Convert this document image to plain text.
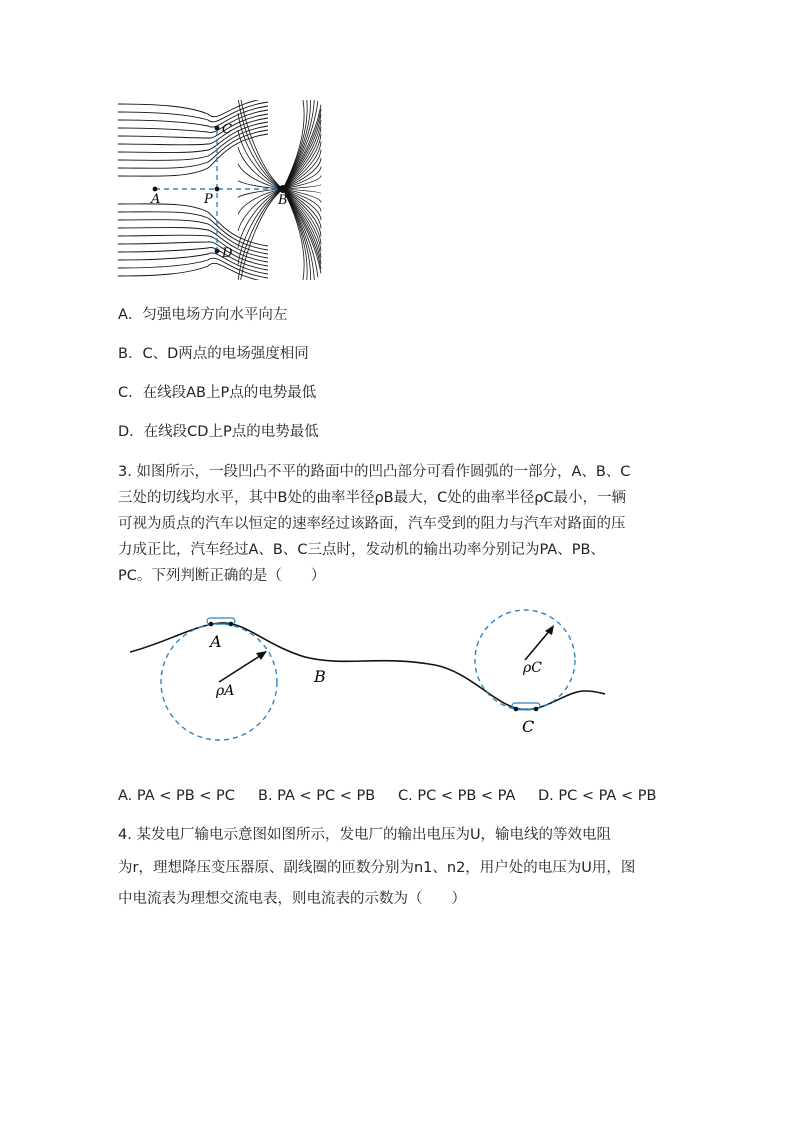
C
A	P	B
D
A．匀强电场方向水平向左
B．C、D两点的电场强度相同
C．在线段AB上P点的电势最低
D．在线段CD上P点的电势最低
3. 如图所示，一段凹凸不平的路面中的凹凸部分可看作圆弧的一部分，A、B、C
三处的切线均水平，其中B处的曲率半径ρB最大，C处的曲率半径ρC最小，一辆
可视为质点的汽车以恒定的速率经过该路面，汽车受到的阻力与汽车对路面的压
力成正比，汽车经过A、B、C三点时，发动机的输出功率分别记为PA、PB、
PC。下列判断正确的是（　　）
A
B
C
ρA
ρC
A. PA < PB < PC B. PA < PC < PB C. PC < PB < PA D. PC < PA < PB
4. 某发电厂输电示意图如图所示，发电厂的输出电压为U，输电线的等效电阻
为r，理想降压变压器原、副线圈的匝数分别为n1、n2，用户处的电压为U用，图
中电流表为理想交流电表，则电流表的示数为（　　）
